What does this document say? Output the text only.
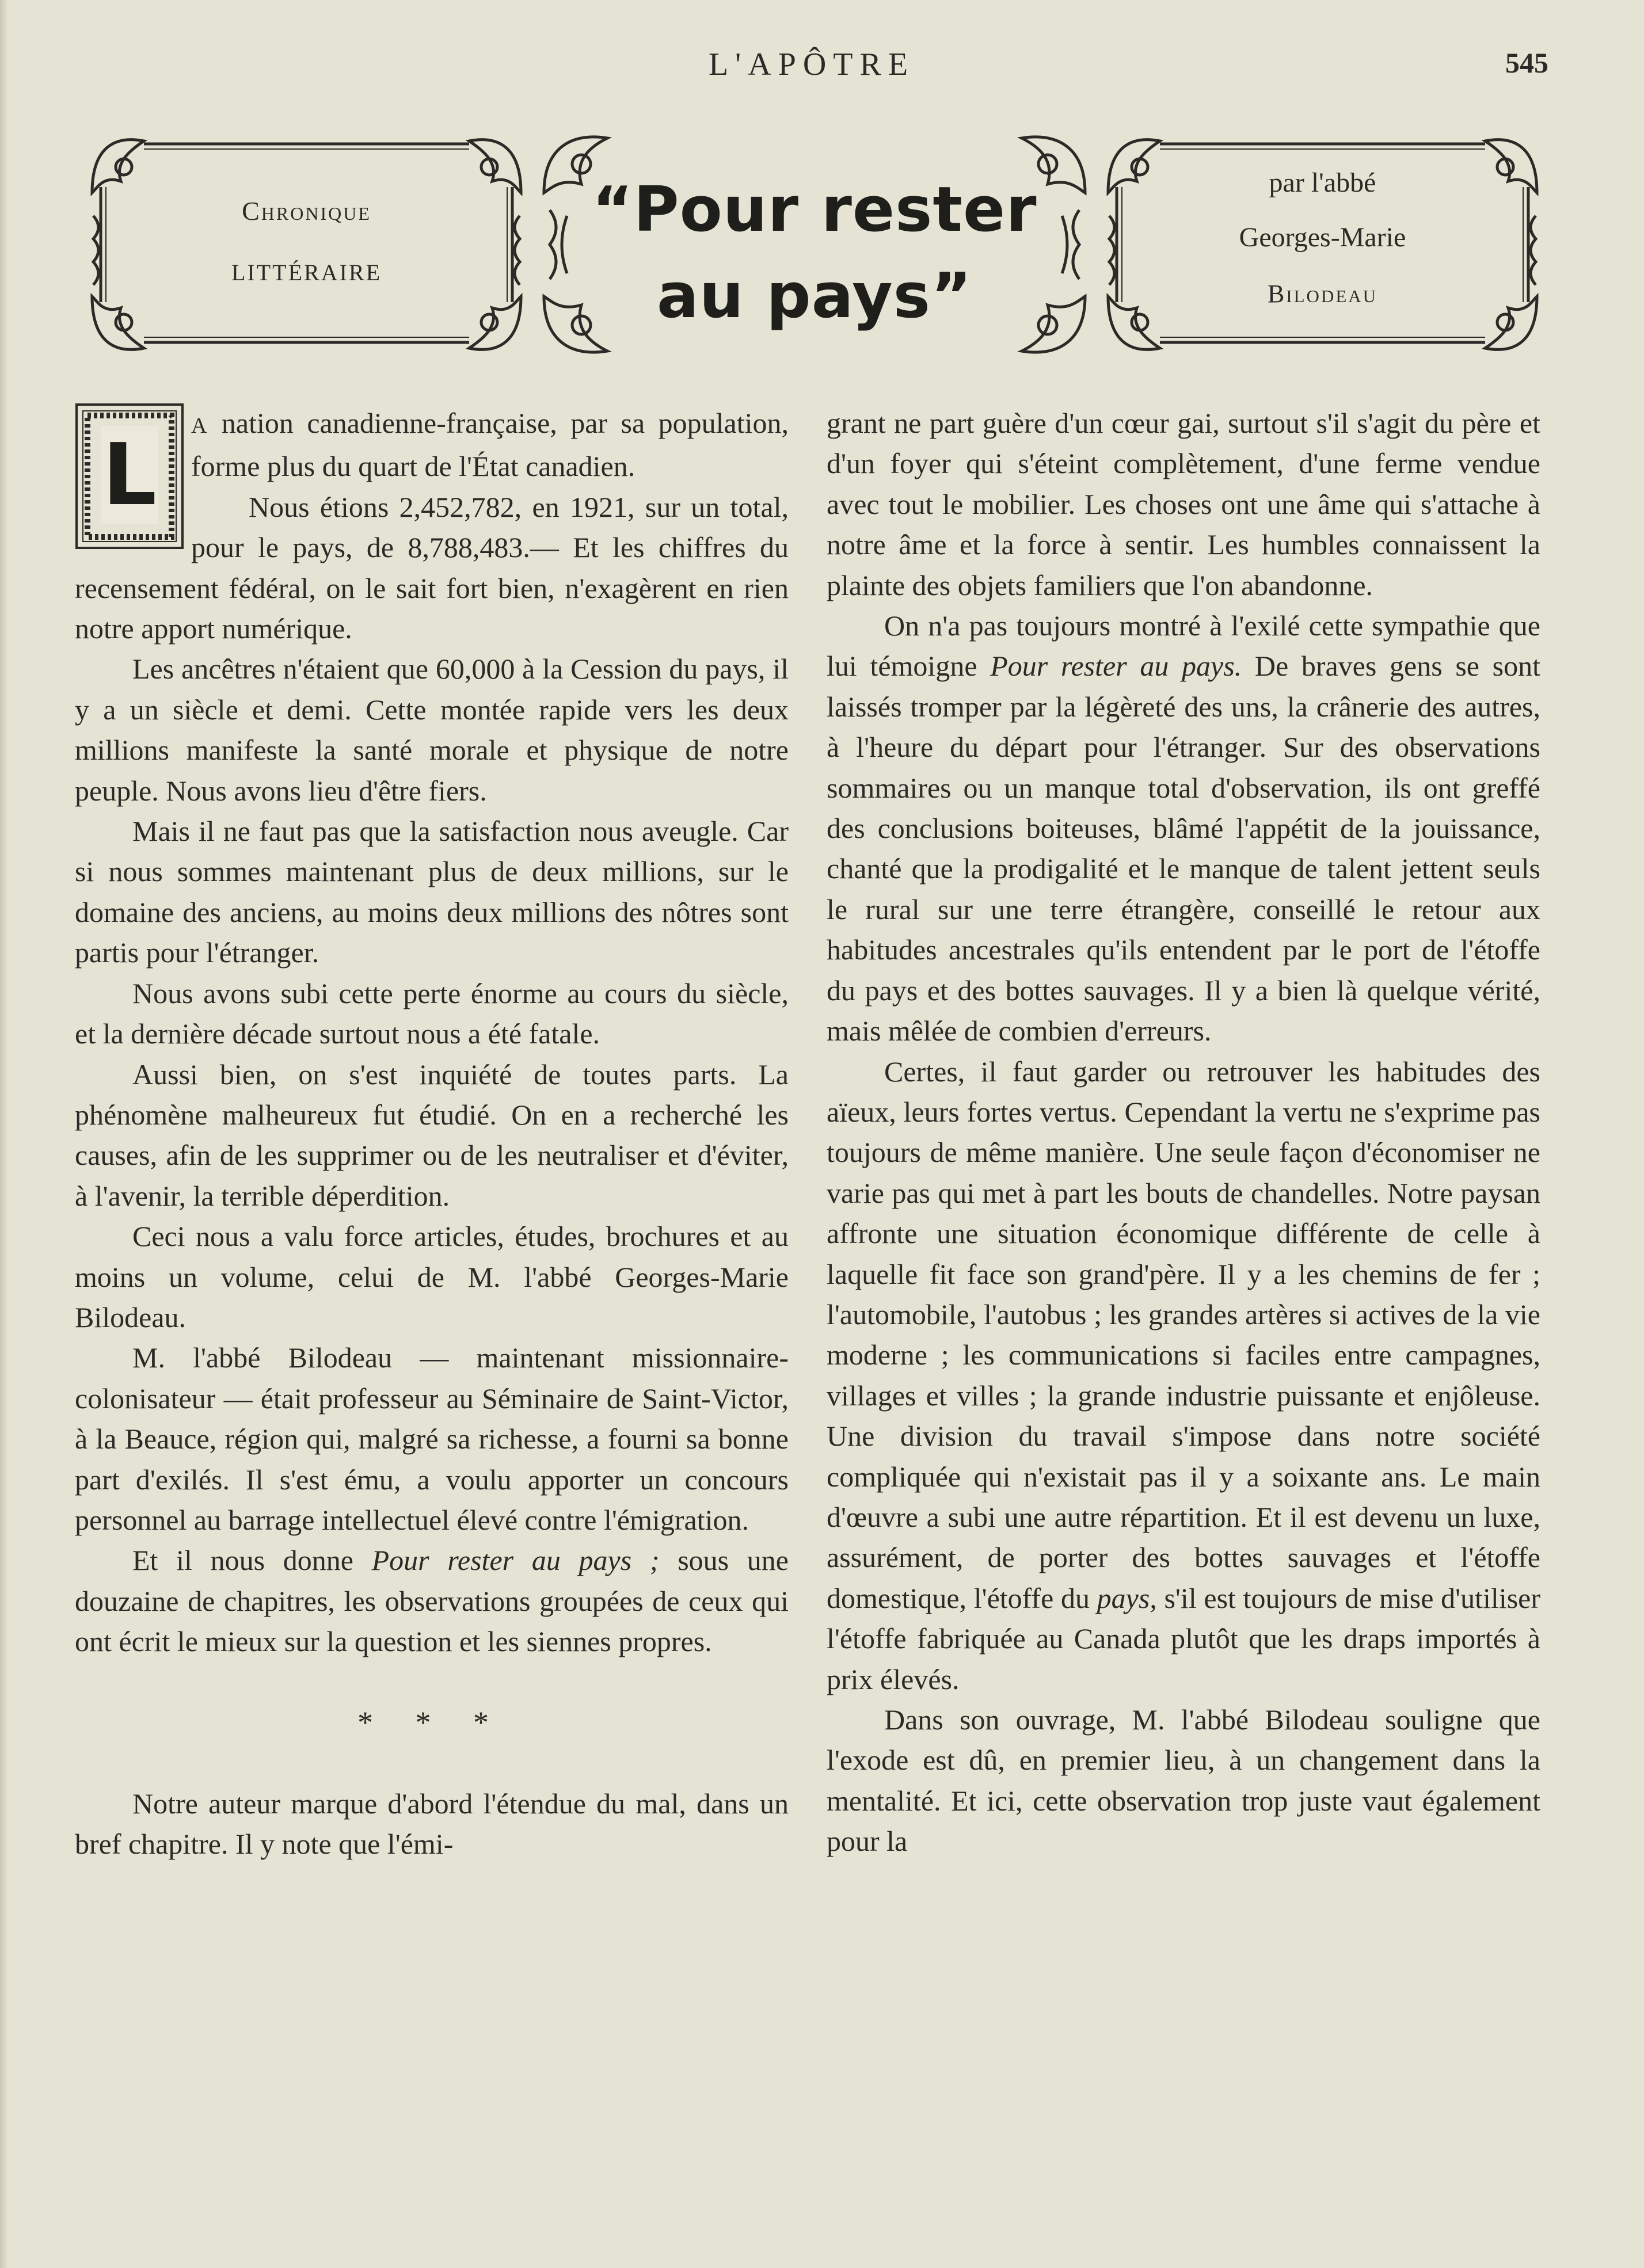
L'APÔTRE	545
Chronique
LITTÉRAIRE
“Pour rester
au pays”
par l'abbé
Georges-Marie
Bilodeau

L A nation canadienne-française, par sa population, forme plus du quart de l'État canadien.

Nous étions 2,452,782, en 1921, sur un total, pour le pays, de 8,788,483.— Et les chiffres du recensement fédéral, on le sait fort bien, n'exagèrent en rien notre apport numérique.

Les ancêtres n'étaient que 60,000 à la Cession du pays, il y a un siècle et demi. Cette montée rapide vers les deux millions manifeste la santé morale et physique de notre peuple. Nous avons lieu d'être fiers.

Mais il ne faut pas que la satisfaction nous aveugle. Car si nous sommes maintenant plus de deux millions, sur le domaine des anciens, au moins deux millions des nôtres sont partis pour l'étranger.

Nous avons subi cette perte énorme au cours du siècle, et la dernière décade surtout nous a été fatale.

Aussi bien, on s'est inquiété de toutes parts. La phénomène malheureux fut étudié. On en a recherché les causes, afin de les supprimer ou de les neutraliser et d'éviter, à l'avenir, la terrible déperdition.

Ceci nous a valu force articles, études, brochures et au moins un volume, celui de M. l'abbé Georges-Marie Bilodeau.

M. l'abbé Bilodeau — maintenant missionnaire-colonisateur — était professeur au Séminaire de Saint-Victor, à la Beauce, région qui, malgré sa richesse, a fourni sa bonne part d'exilés. Il s'est ému, a voulu apporter un concours personnel au barrage intellectuel élevé contre l'émigration.

Et il nous donne Pour rester au pays ; sous une douzaine de chapitres, les observations groupées de ceux qui ont écrit le mieux sur la question et les siennes propres.

* * *

Notre auteur marque d'abord l'étendue du mal, dans un bref chapitre. Il y note que l'émi-

grant ne part guère d'un cœur gai, surtout s'il s'agit du père et d'un foyer qui s'éteint complètement, d'une ferme vendue avec tout le mobilier. Les choses ont une âme qui s'attache à notre âme et la force à sentir. Les humbles connaissent la plainte des objets familiers que l'on abandonne.

On n'a pas toujours montré à l'exilé cette sympathie que lui témoigne Pour rester au pays. De braves gens se sont laissés tromper par la légèreté des uns, la crânerie des autres, à l'heure du départ pour l'étranger. Sur des observations sommaires ou un manque total d'observation, ils ont greffé des conclusions boiteuses, blâmé l'appétit de la jouissance, chanté que la prodigalité et le manque de talent jettent seuls le rural sur une terre étrangère, conseillé le retour aux habitudes ancestrales qu'ils entendent par le port de l'étoffe du pays et des bottes sauvages. Il y a bien là quelque vérité, mais mêlée de combien d'erreurs.

Certes, il faut garder ou retrouver les habitudes des aïeux, leurs fortes vertus. Cependant la vertu ne s'exprime pas toujours de même manière. Une seule façon d'économiser ne varie pas qui met à part les bouts de chandelles. Notre paysan affronte une situation économique différente de celle à laquelle fit face son grand'père. Il y a les chemins de fer ; l'automobile, l'autobus ; les grandes artères si actives de la vie moderne ; les communications si faciles entre campagnes, villages et villes ; la grande industrie puissante et enjôleuse. Une division du travail s'impose dans notre société compliquée qui n'existait pas il y a soixante ans. Le main d'œuvre a subi une autre répartition. Et il est devenu un luxe, assurément, de porter des bottes sauvages et l'étoffe domestique, l'étoffe du pays, s'il est toujours de mise d'utiliser l'étoffe fabriquée au Canada plutôt que les draps importés à prix élevés.

Dans son ouvrage, M. l'abbé Bilodeau souligne que l'exode est dû, en premier lieu, à un changement dans la mentalité. Et ici, cette observation trop juste vaut également pour la
